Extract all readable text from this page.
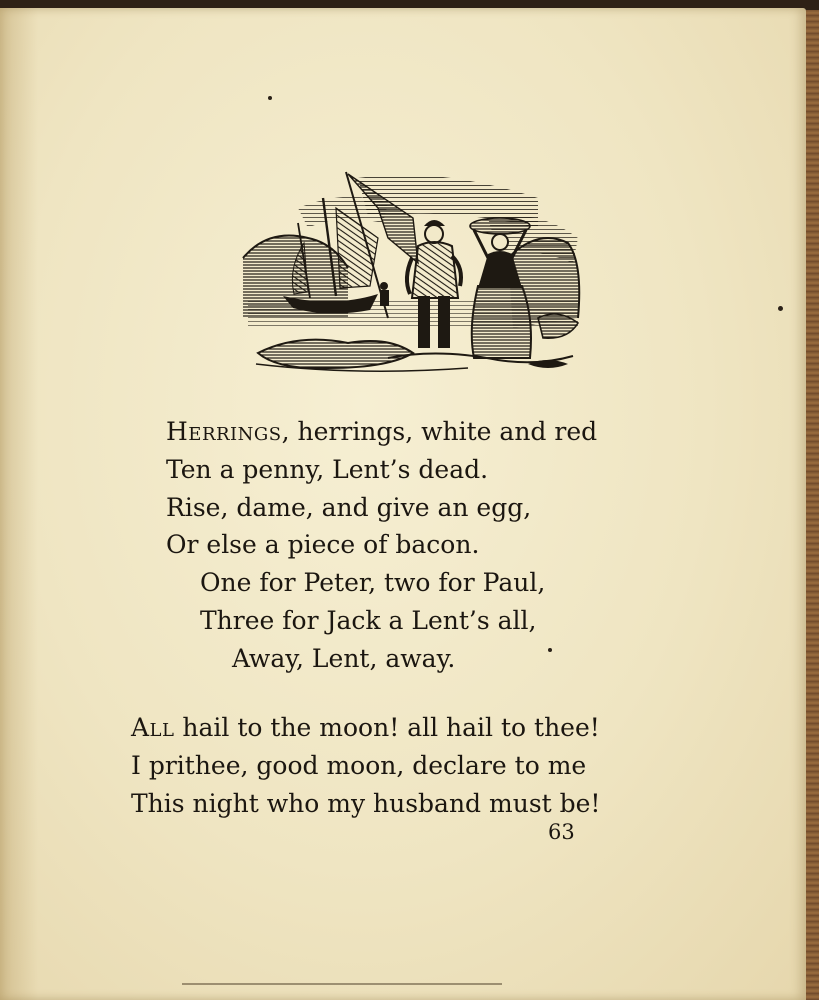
Herrings, herrings, white and red
Ten a penny, Lent’s dead.
Rise, dame, and give an egg,
Or else a piece of bacon.
One for Peter, two for Paul,
Three for Jack a Lent’s all,
Away, Lent, away.

All hail to the moon! all hail to thee!
I prithee, good moon, declare to me
This night who my husband must be!

63
